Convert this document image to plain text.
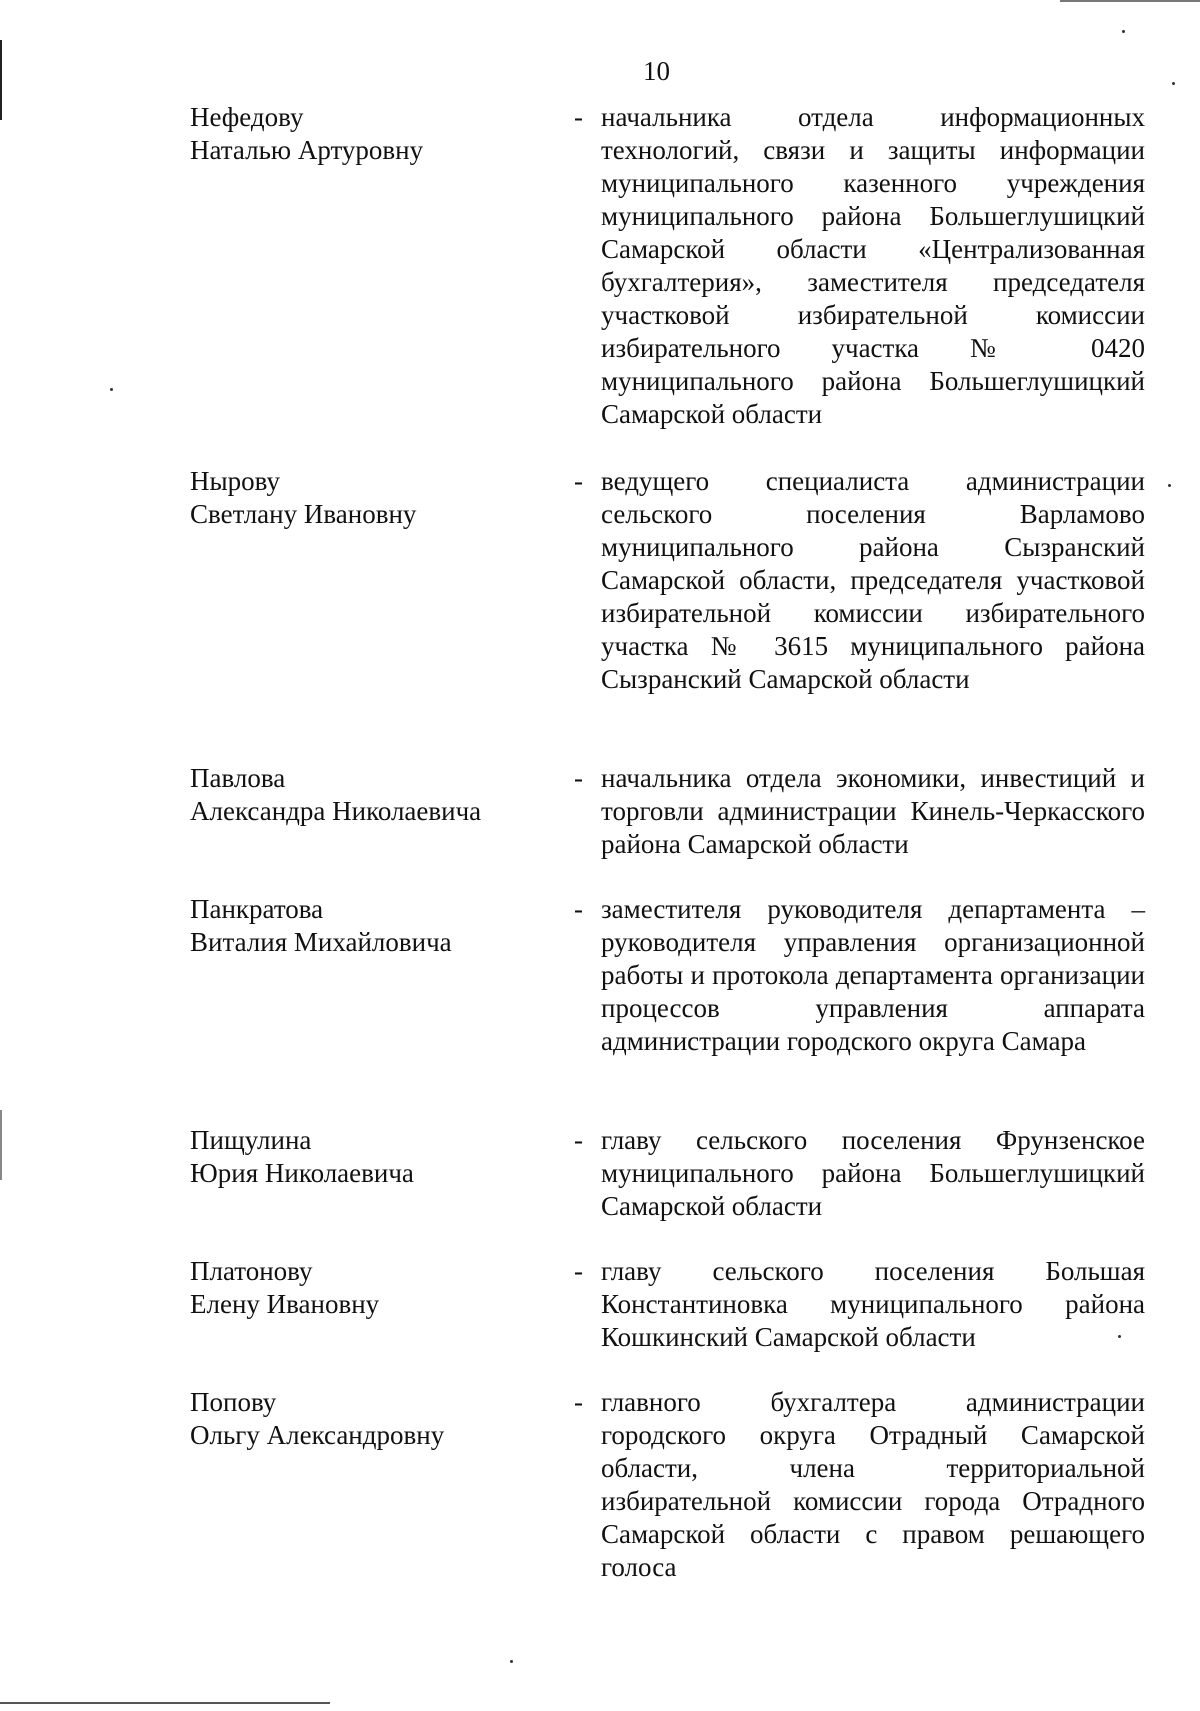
10
Нефедову
Наталью Артуровну
- начальника отдела информационных технологий, связи и защиты информации муниципального казенного учреждения муниципального района Большеглушицкий Самарской области «Централизованная бухгалтерия», заместителя председателя участковой избирательной комиссии избирательного участка № 0420 муниципального района Большеглушицкий Самарской области
Нырову
Светлану Ивановну
- ведущего специалиста администрации сельского поселения Варламово муниципального района Сызранский Самарской области, председателя участковой избирательной комиссии избирательного участка № 3615 муниципального района Сызранский Самарской области
Павлова
Александра Николаевича
- начальника отдела экономики, инвестиций и торговли администрации Кинель-Черкасского района Самарской области
Панкратова
Виталия Михайловича
- заместителя руководителя департамента – руководителя управления организационной работы и протокола департамента организации процессов управления аппарата администрации городского округа Самара
Пищулина
Юрия Николаевича
- главу сельского поселения Фрунзенское муниципального района Большеглушицкий Самарской области
Платонову
Елену Ивановну
- главу сельского поселения Большая Константиновка муниципального района Кошкинский Самарской области
Попову
Ольгу Александровну
- главного бухгалтера администрации городского округа Отрадный Самарской области, члена территориальной избирательной комиссии города Отрадного Самарской области с правом решающего голоса
